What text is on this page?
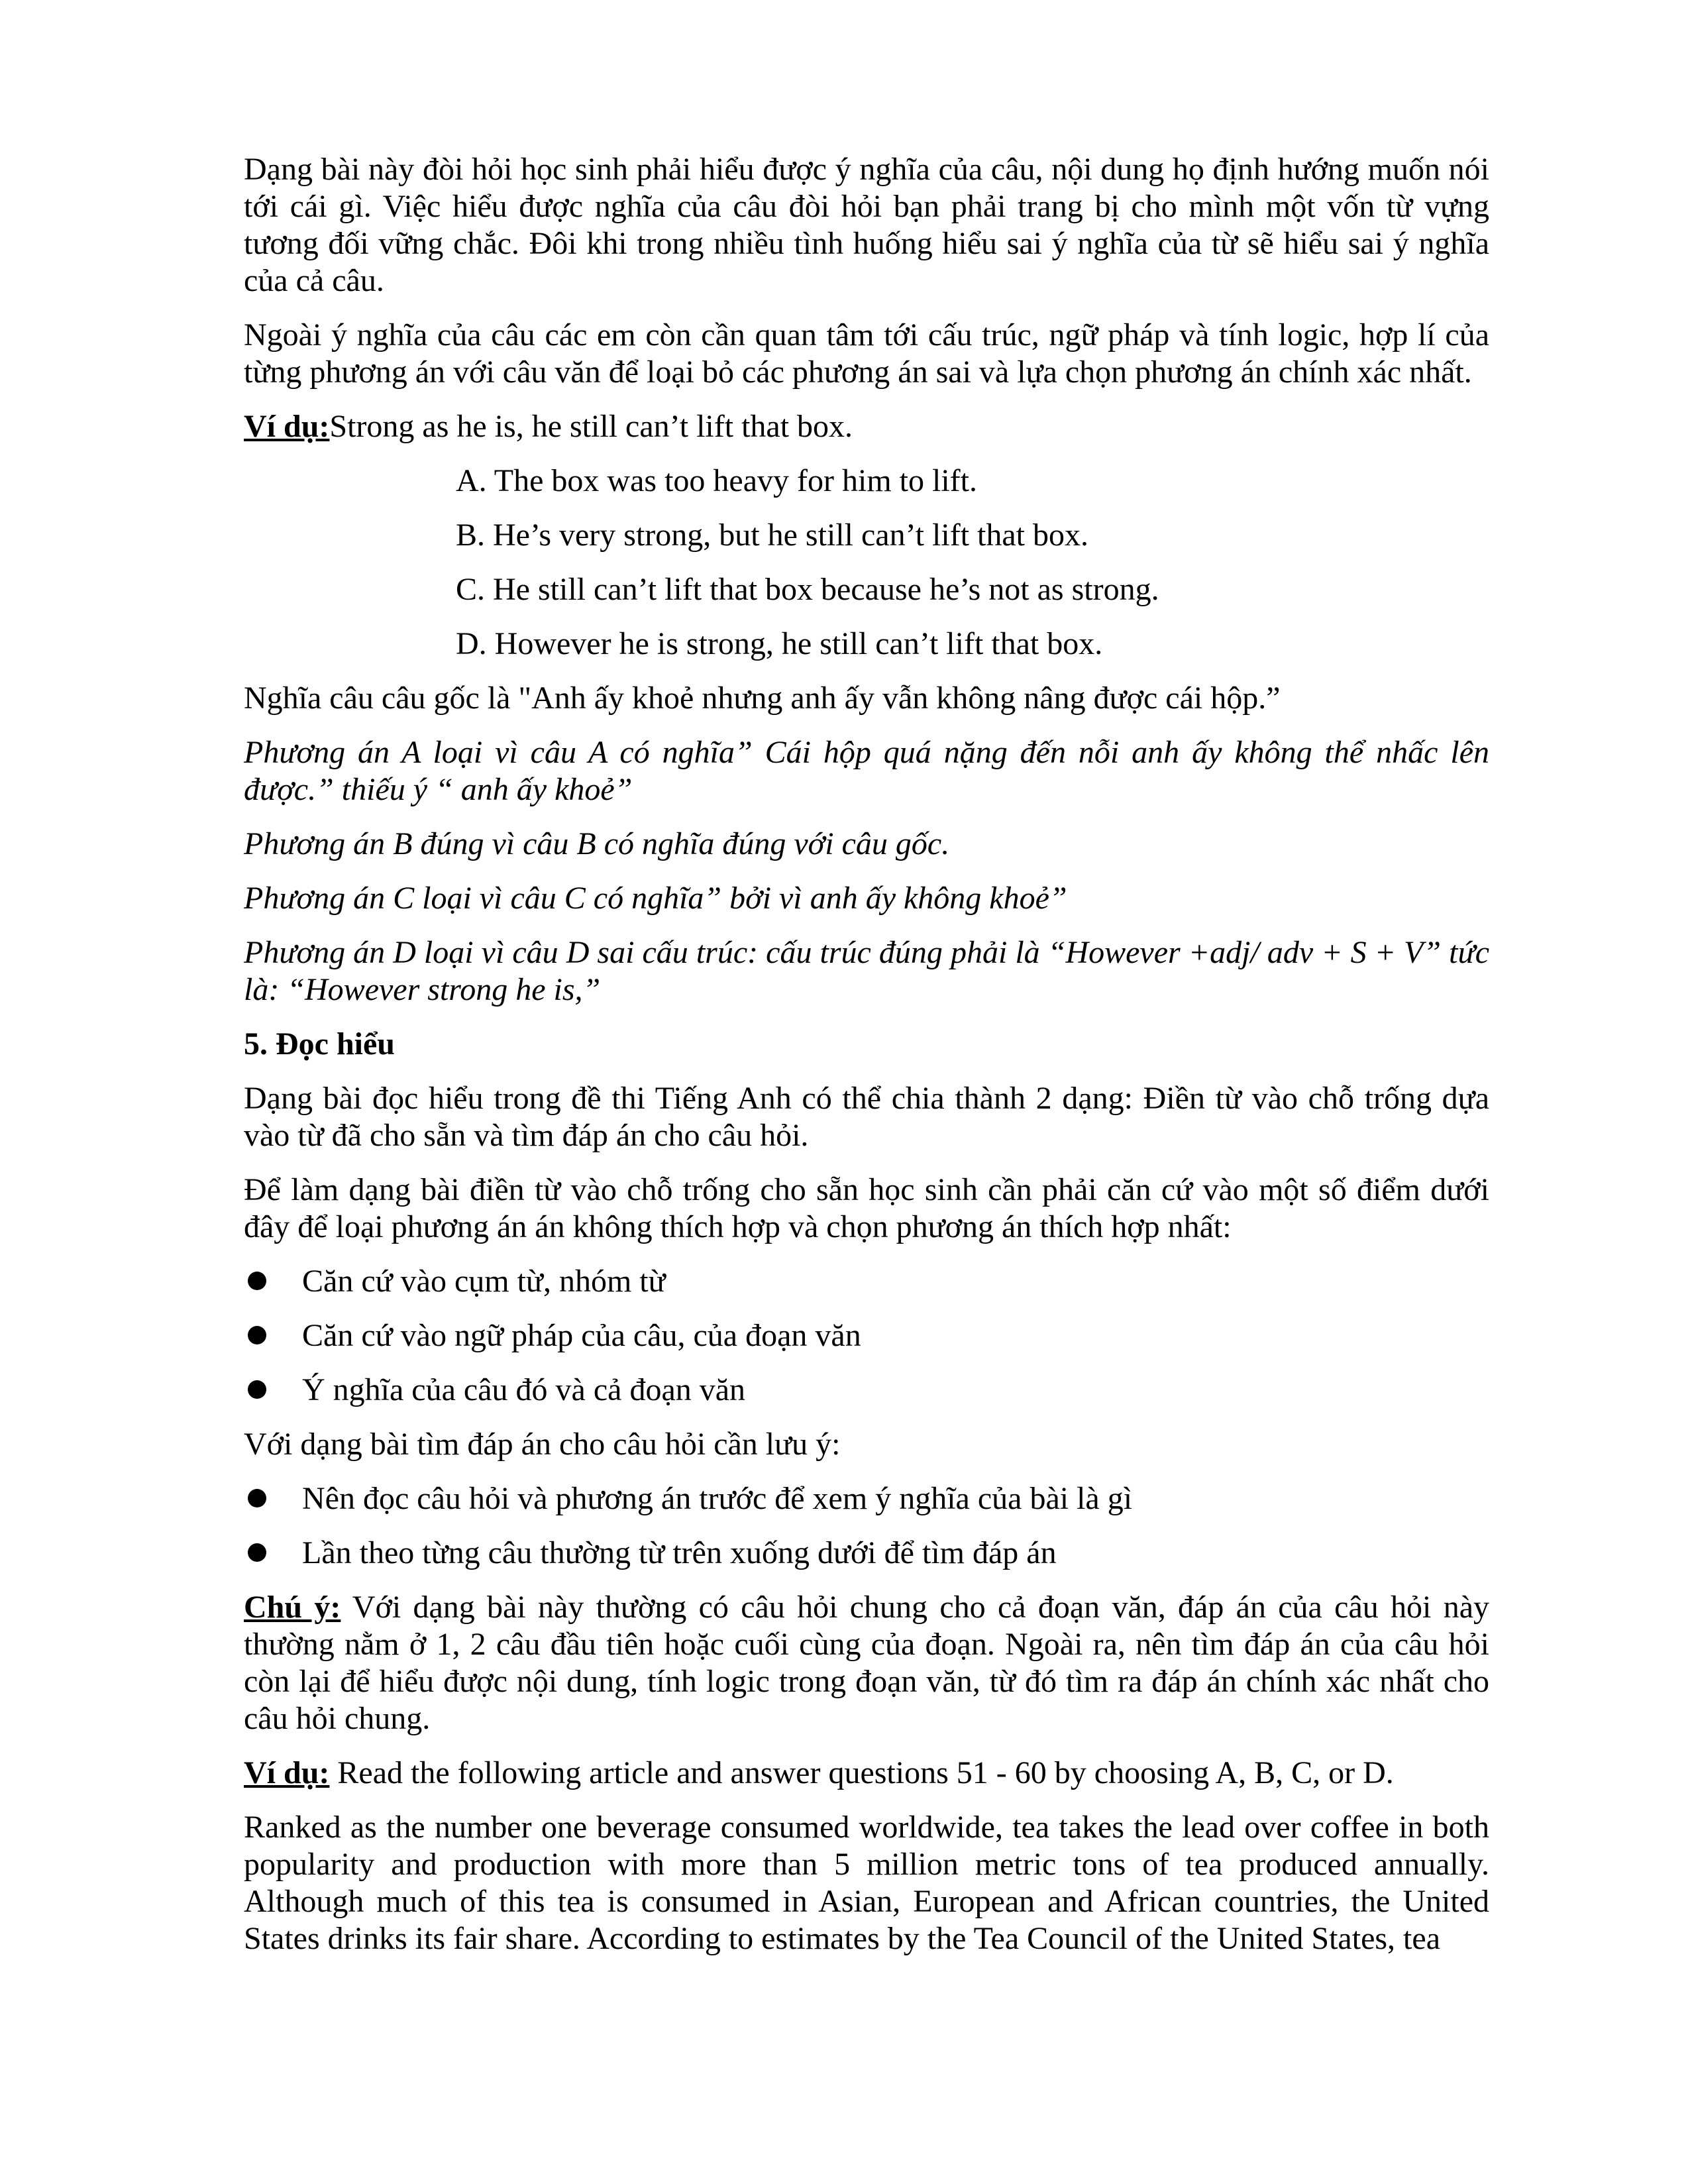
Dạng bài này đòi hỏi học sinh phải hiểu được ý nghĩa của câu, nội dung họ định hướng muốn nói tới cái gì. Việc hiểu được nghĩa của câu đòi hỏi bạn phải trang bị cho mình một vốn từ vựng tương đối vững chắc. Đôi khi trong nhiều tình huống hiểu sai ý nghĩa của từ sẽ hiểu sai ý nghĩa của cả câu.

Ngoài ý nghĩa của câu các em còn cần quan tâm tới cấu trúc, ngữ pháp và tính logic, hợp lí của từng phương án với câu văn để loại bỏ các phương án sai và lựa chọn phương án chính xác nhất.

Ví dụ:Strong as he is, he still can’t lift that box.

A. The box was too heavy for him to lift.

B. He’s very strong, but he still can’t lift that box.

C. He still can’t lift that box because he’s not as strong.

D. However he is strong, he still can’t lift that box.

Nghĩa câu câu gốc là "Anh ấy khoẻ nhưng anh ấy vẫn không nâng được cái hộp.”

Phương án A loại vì câu A có nghĩa” Cái hộp quá nặng đến nỗi anh ấy không thể nhấc lên được.” thiếu ý “ anh ấy khoẻ”

Phương án B đúng vì câu B có nghĩa đúng với câu gốc.

Phương án C loại vì câu C có nghĩa” bởi vì anh ấy không khoẻ”

Phương án D loại vì câu D sai cấu trúc: cấu trúc đúng phải là “However +adj/ adv + S + V” tức là: “However strong he is,”

5. Đọc hiểu

Dạng bài đọc hiểu trong đề thi Tiếng Anh có thể chia thành 2 dạng: Điền từ vào chỗ trống dựa vào từ đã cho sẵn và tìm đáp án cho câu hỏi.

Để làm dạng bài điền từ vào chỗ trống cho sẵn học sinh cần phải căn cứ vào một số điểm dưới đây để loại phương án án không thích hợp và chọn phương án thích hợp nhất:

Căn cứ vào cụm từ, nhóm từ
Căn cứ vào ngữ pháp của câu, của đoạn văn
Ý nghĩa của câu đó và cả đoạn văn

Với dạng bài tìm đáp án cho câu hỏi cần lưu ý:

Nên đọc câu hỏi và phương án trước để xem ý nghĩa của bài là gì
Lần theo từng câu thường từ trên xuống dưới để tìm đáp án

Chú ý: Với dạng bài này thường có câu hỏi chung cho cả đoạn văn, đáp án của câu hỏi này thường nằm ở 1, 2 câu đầu tiên hoặc cuối cùng của đoạn. Ngoài ra, nên tìm đáp án của câu hỏi còn lại để hiểu được nội dung, tính logic trong đoạn văn, từ đó tìm ra đáp án chính xác nhất cho câu hỏi chung.

Ví dụ: Read the following article and answer questions 51 - 60 by choosing A, B, C, or D.

Ranked as the number one beverage consumed worldwide, tea takes the lead over coffee in both popularity and production with more than 5 million metric tons of tea produced annually. Although much of this tea is consumed in Asian, European and African countries, the United States drinks its fair share. According to estimates by the Tea Council of the United States, tea
